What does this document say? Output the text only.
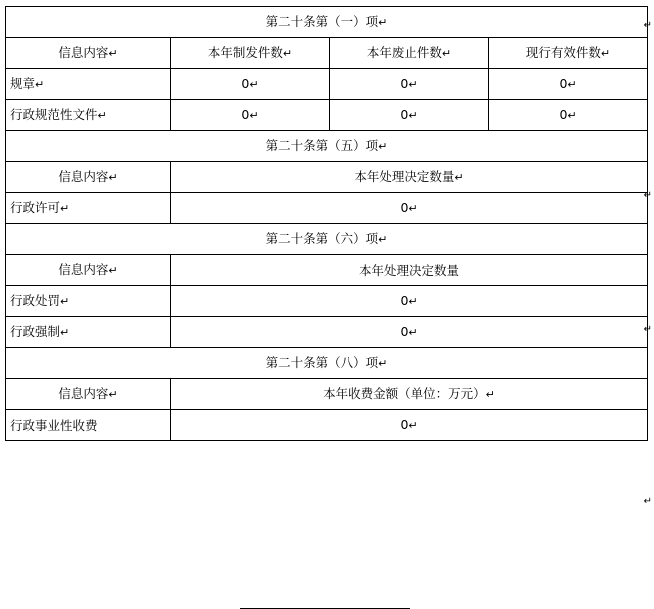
第二十条第（一）项↵			
信息内容↵	本年制发件数↵	本年废止件数↵	现行有效件数↵
规章↵	0↵	0↵	0↵
行政规范性文件↵	0↵	0↵	0↵
第二十条第（五）项↵			
信息内容↵	本年处理决定数量↵		
行政许可↵	0↵		
第二十条第（六）项↵			
信息内容↵	本年处理决定数量		
行政处罚↵	0↵		
行政强制↵	0↵		
第二十条第（八）项↵			
信息内容↵	本年收费金额（单位：万元）↵		
行政事业性收费	0↵		
↵
↵
↵
↵
